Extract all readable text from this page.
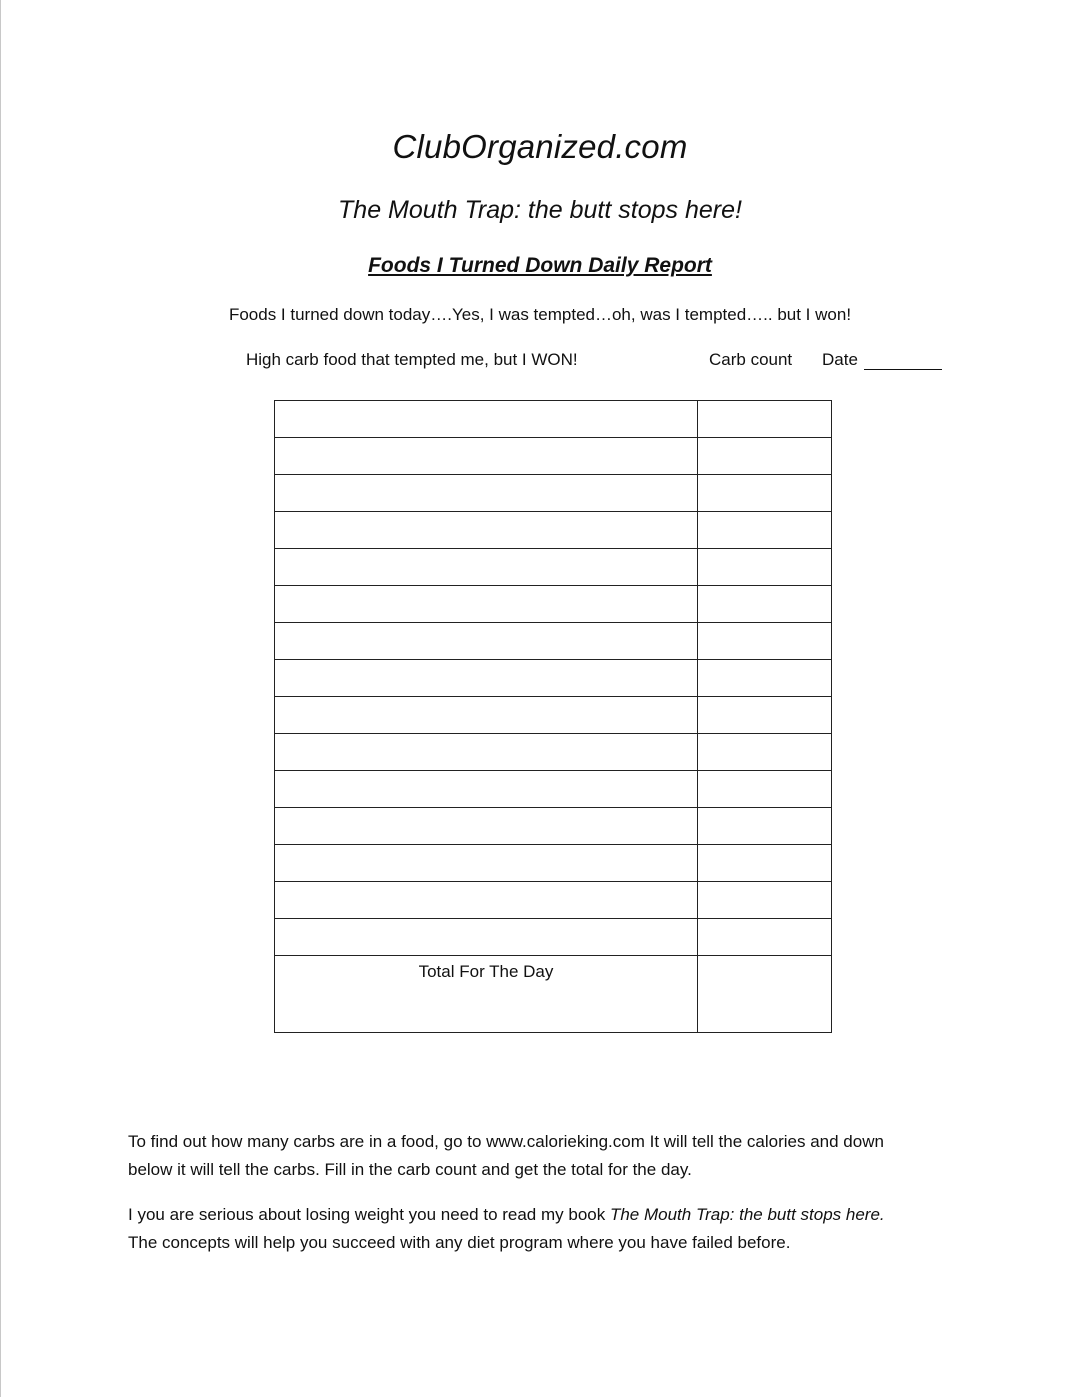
ClubOrganized.com
The Mouth Trap: the butt stops here!
Foods I Turned Down Daily Report
Foods I turned down today….Yes, I was tempted…oh, was I tempted….. but I won!
High carb food that tempted me, but I WON!	Carb count Date

Total For The Day	

To find out how many carbs are in a food, go to www.calorieking.com It will tell the calories and down
below it will tell the carbs. Fill in the carb count and get the total for the day.
I you are serious about losing weight you need to read my book The Mouth Trap: the butt stops here.
The concepts will help you succeed with any diet program where you have failed before.
